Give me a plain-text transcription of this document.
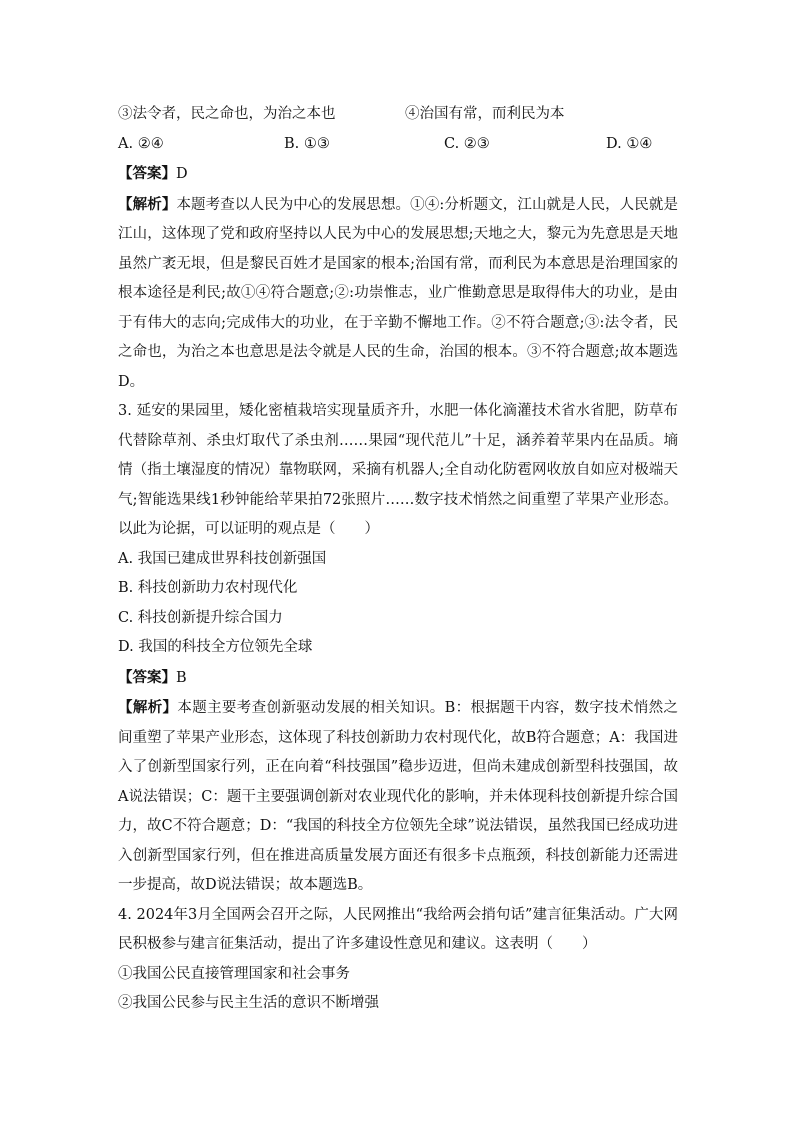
③法令者，民之命也，为治之本也	④治国有常，而利民为本
A. ②④	B. ①③	C. ②③	D. ①④
【答案】D
【解析】本题考查以人民为中心的发展思想。①④:分析题文，江山就是人民，人民就是江山，这体现了党和政府坚持以人民为中心的发展思想;天地之大，黎元为先意思是天地虽然广袤无垠，但是黎民百姓才是国家的根本;治国有常，而利民为本意思是治理国家的根本途径是利民;故①④符合题意;②:功崇惟志，业广惟勤意思是取得伟大的功业，是由于有伟大的志向;完成伟大的功业，在于辛勤不懈地工作。②不符合题意;③:法令者，民之命也，为治之本也意思是法令就是人民的生命，治国的根本。③不符合题意;故本题选D。
3. 延安的果园里，矮化密植栽培实现量质齐升，水肥一体化滴灌技术省水省肥，防草布代替除草剂、杀虫灯取代了杀虫剂……果园“现代范儿”十足，涵养着苹果内在品质。墒情（指土壤湿度的情况）靠物联网，采摘有机器人;全自动化防雹网收放自如应对极端天气;智能选果线1秒钟能给苹果拍72张照片……数字技术悄然之间重塑了苹果产业形态。以此为论据，可以证明的观点是（　　）
A. 我国已建成世界科技创新强国
B. 科技创新助力农村现代化
C. 科技创新提升综合国力
D. 我国的科技全方位领先全球
【答案】B
【解析】本题主要考查创新驱动发展的相关知识。B：根据题干内容，数字技术悄然之间重塑了苹果产业形态，这体现了科技创新助力农村现代化，故B符合题意；A：我国进入了创新型国家行列，正在向着“科技强国”稳步迈进，但尚未建成创新型科技强国，故A说法错误；C：题干主要强调创新对农业现代化的影响，并未体现科技创新提升综合国力，故C不符合题意；D：“我国的科技全方位领先全球”说法错误，虽然我国已经成功进入创新型国家行列，但在推进高质量发展方面还有很多卡点瓶颈，科技创新能力还需进一步提高，故D说法错误；故本题选B。
4. 2024年3月全国两会召开之际，人民网推出“我给两会捎句话”建言征集活动。广大网民积极参与建言征集活动，提出了许多建设性意见和建议。这表明（　　）
①我国公民直接管理国家和社会事务
②我国公民参与民主生活的意识不断增强
